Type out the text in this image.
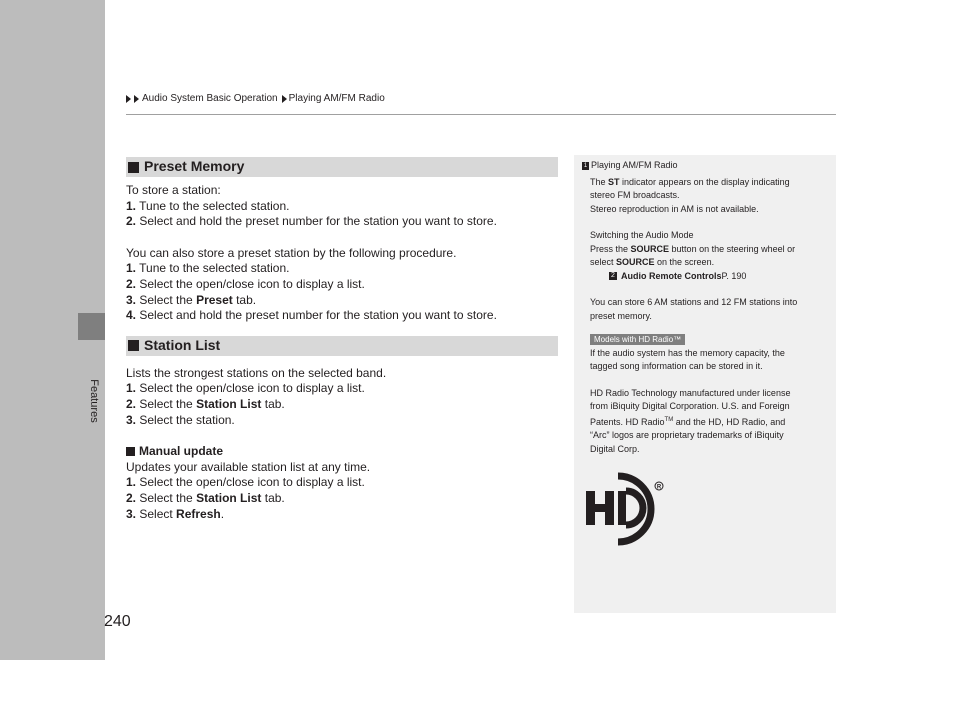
Features
240
Audio System Basic Operation Playing AM/FM Radio
Preset Memory

To store a station:

1. Tune to the selected station.

2. Select and hold the preset number for the station you want to store.

You can also store a preset station by the following procedure.

1. Tune to the selected station.

2. Select the open/close icon to display a list.

3. Select the Preset tab.

4. Select and hold the preset number for the station you want to store.

Station List

Lists the strongest stations on the selected band.

1. Select the open/close icon to display a list.

2. Select the Station List tab.

3. Select the station.

Manual update

Updates your available station list at any time.

1. Select the open/close icon to display a list.

2. Select the Station List tab.

3. Select Refresh.

1 Playing AM/FM Radio
The ST indicator appears on the display indicating
stereo FM broadcasts.
Stereo reproduction in AM is not available.
Switching the Audio Mode
Press the SOURCE button on the steering wheel or
select SOURCE on the screen.
2 Audio Remote Controls P. 190
You can store 6 AM stations and 12 FM stations into
preset memory.
Models with HD Radio™
If the audio system has the memory capacity, the
tagged song information can be stored in it.
HD Radio Technology manufactured under license
from iBiquity Digital Corporation. U.S. and Foreign
Patents. HD Radio™ and the HD, HD Radio, and
“Arc” logos are proprietary trademarks of iBiquity
Digital Corp.
R
